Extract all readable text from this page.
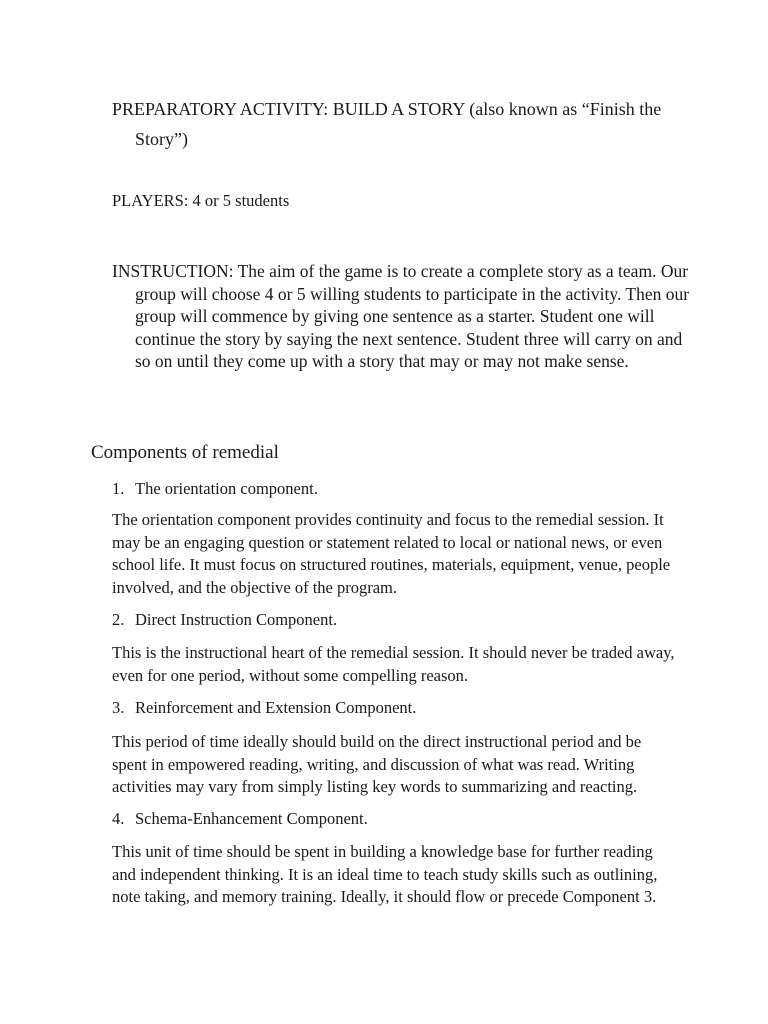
PREPARATORY ACTIVITY: BUILD A STORY (also known as “Finish the Story”)

PLAYERS: 4 or 5 students

INSTRUCTION: The aim of the game is to create a complete story as a team. Our group will choose 4 or 5 willing students to participate in the activity. Then our group will commence by giving one sentence as a starter. Student one will continue the story by saying the next sentence. Student three will carry on and so on until they come up with a story that may or may not make sense.

Components of remedial

1. The orientation component.

The orientation component provides continuity and focus to the remedial session. It may be an engaging question or statement related to local or national news, or even school life. It must focus on structured routines, materials, equipment, venue, people involved, and the objective of the program.

2. Direct Instruction Component.

This is the instructional heart of the remedial session. It should never be traded away, even for one period, without some compelling reason.

3. Reinforcement and Extension Component.

This period of time ideally should build on the direct instructional period and be spent in empowered reading, writing, and discussion of what was read. Writing activities may vary from simply listing key words to summarizing and reacting.

4. Schema-Enhancement Component.

This unit of time should be spent in building a knowledge base for further reading and independent thinking. It is an ideal time to teach study skills such as outlining, note taking, and memory training. Ideally, it should flow or precede Component 3.
